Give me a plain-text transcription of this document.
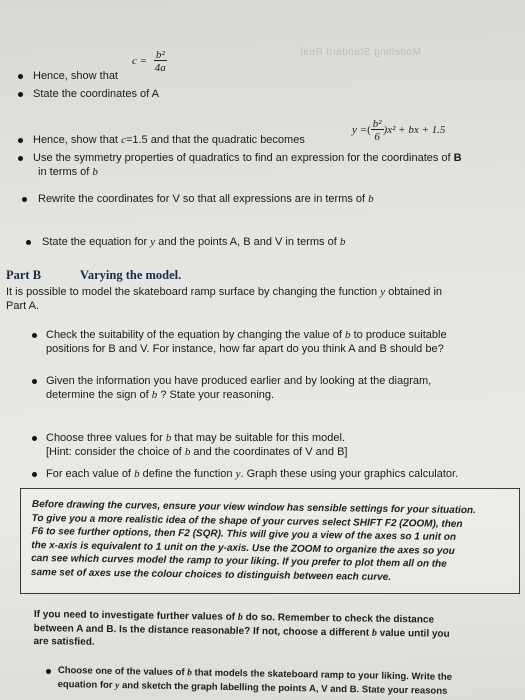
Modelling Standard Real
$c = \frac{\text{b²}}{4a}$
Hence, show that
State the coordinates of A
y =( $\frac{\text{b²}}{6} )x^2$ + bx + 1.5
Hence, show that c=1.5 and that the quadratic becomes
Use the symmetry properties of quadratics to find an expression for the coordinates of B
in terms of b
Rewrite the coordinates for V so that all expressions are in terms of b
State the equation for y and the points A, B and V in terms of b
Part B	Varying the model.
It is possible to model the skateboard ramp surface by changing the function y obtained in
Part A.
Check the suitability of the equation by changing the value of b to produce suitable
positions for B and V. For instance, how far apart do you think A and B should be?
Given the information you have produced earlier and by looking at the diagram,
determine the sign of b ? State your reasoning.
Choose three values for b that may be suitable for this model.
[Hint: consider the choice of b and the coordinates of V and B]
For each value of b define the function y. Graph these using your graphics calculator.
Before drawing the curves, ensure your view window has sensible settings for your situation.
To give you a more realistic idea of the shape of your curves select SHIFT F2 (ZOOM), then
F6 to see further options, then F2 (SQR). This will give you a view of the axes so 1 unit on
the x-axis is equivalent to 1 unit on the y-axis. Use the ZOOM to organize the axes so you
can see which curves model the ramp to your liking. If you prefer to plot them all on the
same set of axes use the colour choices to distinguish between each curve.
If you need to investigate further values of b do so. Remember to check the distance
between A and B. Is the distance reasonable? If not, choose a different b value until you
are satisfied.
Choose one of the values of b that models the skateboard ramp to your liking. Write the
equation for y and sketch the graph labelling the points A, V and B. State your reasons
